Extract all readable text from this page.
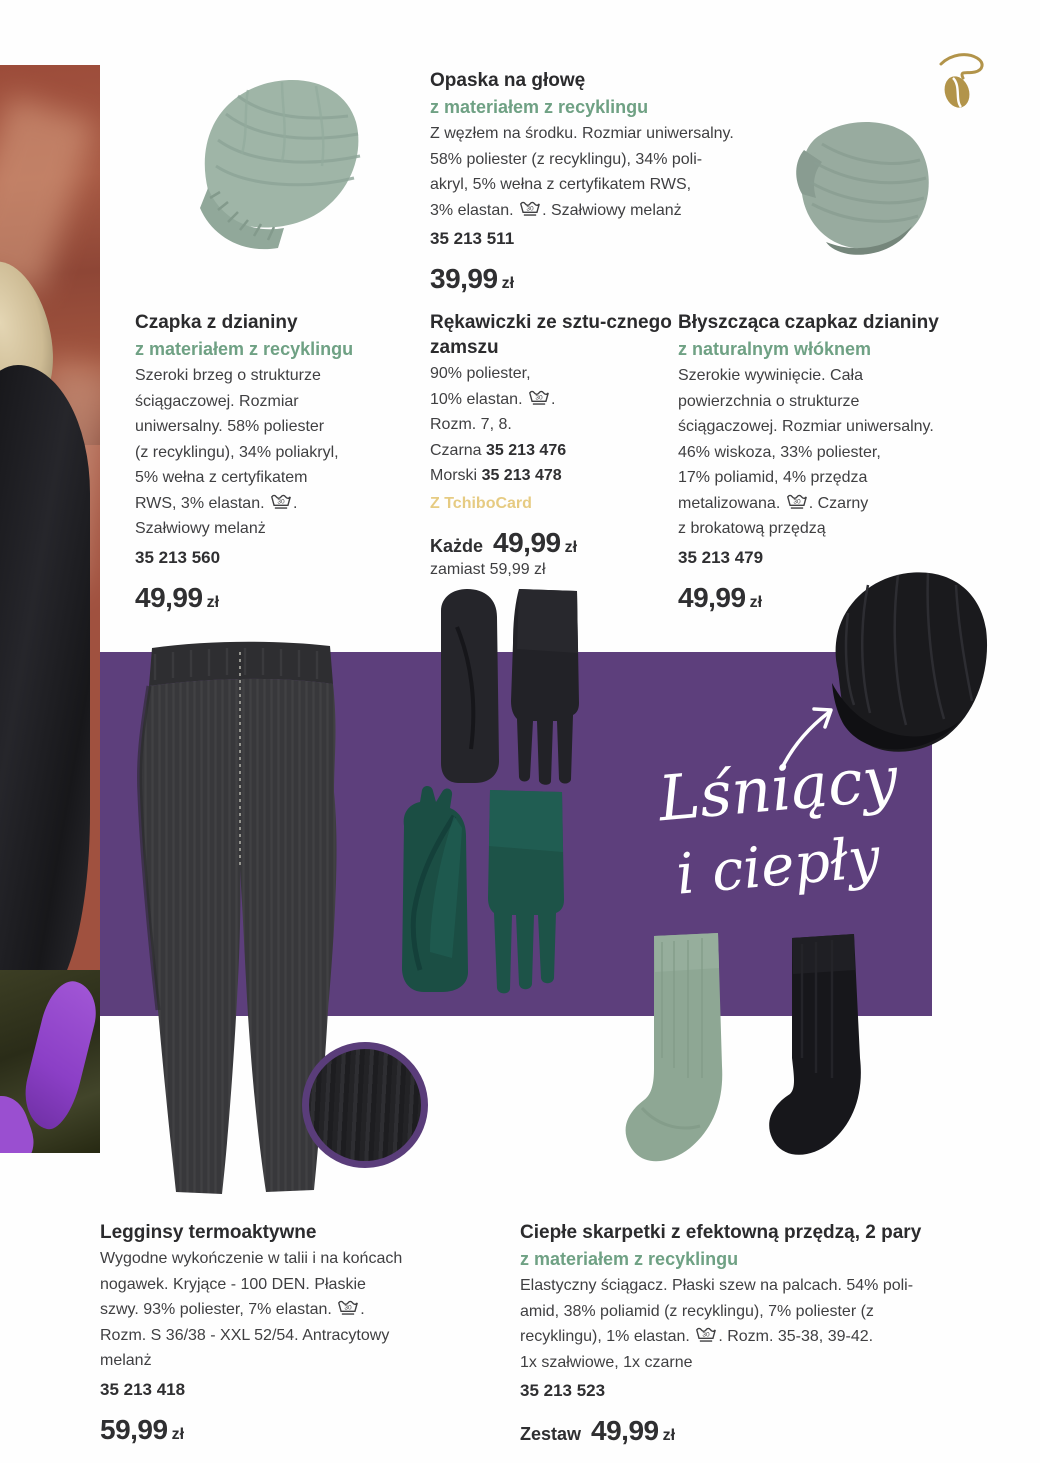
Opaska na głowę
z materiałem z recyklingu
Z węzłem na środku. Rozmiar uniwersalny.
58% poliester (z recyklingu), 34% poli-
akryl, 5% wełna z certyfikatem RWS,
3% elastan. 30 . Szałwiowy melanż
35 213 511
39,99 zł
Czapka z dzianiny
z materiałem z recyklingu
Szeroki brzeg o strukturze
ściągaczowej. Rozmiar
uniwersalny. 58% poliester
(z recyklingu), 34% poliakryl,
5% wełna z certyfikatem
RWS, 3% elastan. 30 .
Szałwiowy melanż
35 213 560
49,99 zł
Rękawiczki ze sztu-cznego zamszu
90% poliester,
10% elastan. 30 .
Rozm. 7, 8.
Czarna 35 213 476
Morski 35 213 478
Z TchiboCard
Każde 49,99 zł
zamiast 59,99 zł
Błyszcząca czapkaz dzianiny
z naturalnym włóknem
Szerokie wywinięcie. Cała
powierzchnia o strukturze
ściągaczowej. Rozmiar uniwersalny.
46% wiskoza, 33% poliester,
17% poliamid, 4% przędza
metalizowana. 30 . Czarny
z brokatową przędzą
35 213 479
49,99 zł
Lśniący
i ciepły
Legginsy termoaktywne
Wygodne wykończenie w talii i na końcach
nogawek. Kryjące - 100 DEN. Płaskie
szwy. 93% poliester, 7% elastan. 30 .
Rozm. S 36/38 - XXL 52/54. Antracytowy
melanż
35 213 418
59,99 zł
Ciepłe skarpetki z efektowną przędzą, 2 pary
z materiałem z recyklingu
Elastyczny ściągacz. Płaski szew na palcach. 54% poli-
amid, 38% poliamid (z recyklingu), 7% poliester (z
recyklingu), 1% elastan. 30 . Rozm. 35-38, 39-42.
1x szałwiowe, 1x czarne
35 213 523
Zestaw 49,99 zł
